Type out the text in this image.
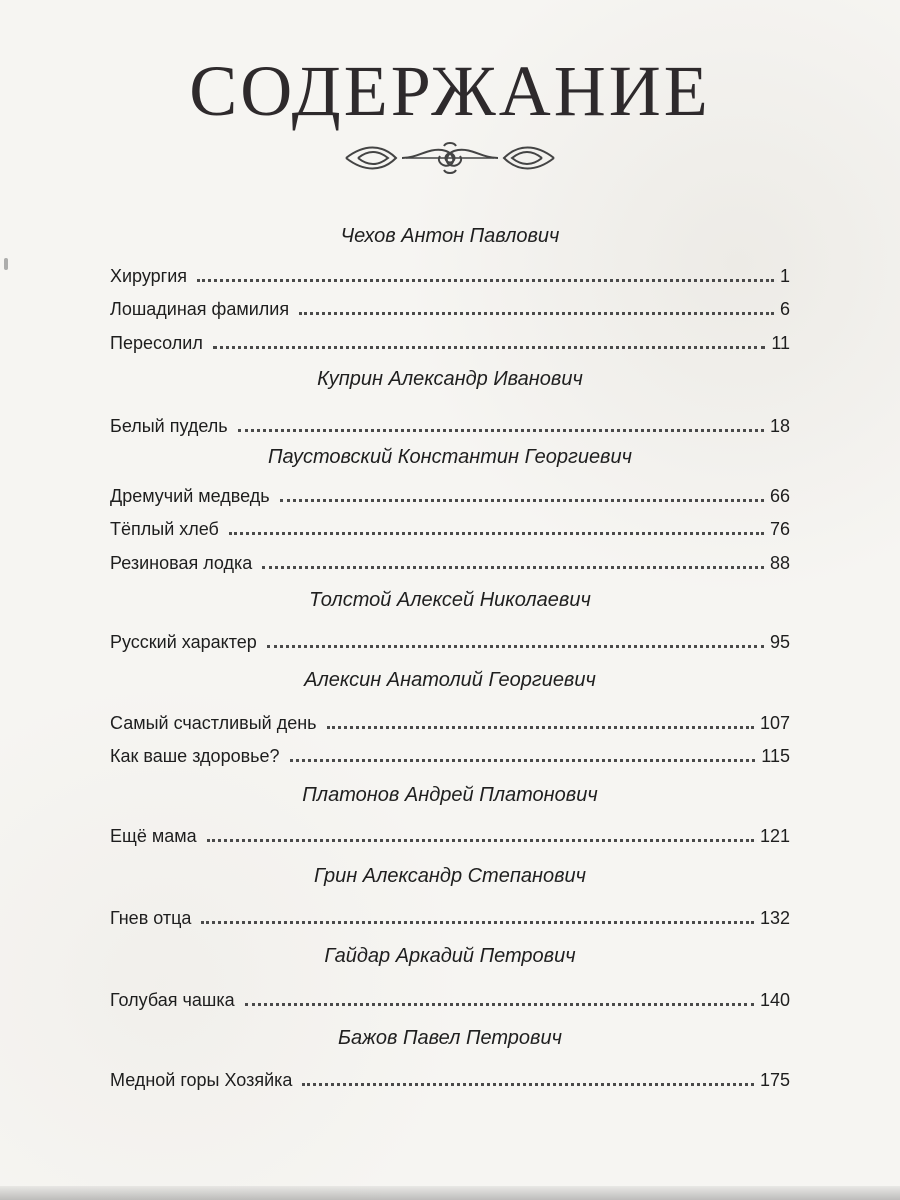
СОДЕРЖАНИЕ
Чехов Антон Павлович
Хирургия	1
Лошадиная фамилия	6
Пересолил	11
Куприн Александр Иванович
Белый пудель	18
Паустовский Константин Георгиевич
Дремучий медведь	66
Тёплый хлеб	76
Резиновая лодка	88
Толстой Алексей Николаевич
Русский характер	95
Алексин Анатолий Георгиевич
Самый счастливый день	107
Как ваше здоровье?	115
Платонов Андрей Платонович
Ещё мама	121
Грин Александр Степанович
Гнев отца	132
Гайдар Аркадий Петрович
Голубая чашка	140
Бажов Павел Петрович
Медной горы Хозяйка	175
